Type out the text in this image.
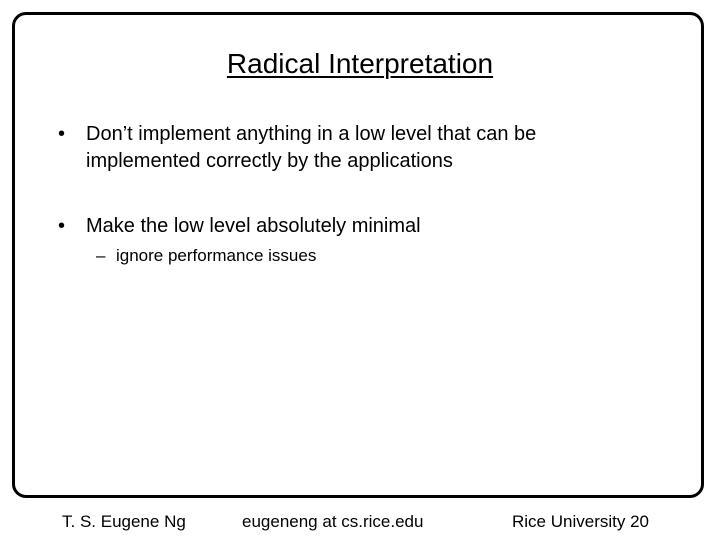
Radical Interpretation
•	Don’t implement anything in a low level that can be
implemented correctly by the applications
•	Make the low level absolutely minimal
– ignore performance issues
T. S. Eugene Ng	eugeneng at cs.rice.edu	Rice University 20
